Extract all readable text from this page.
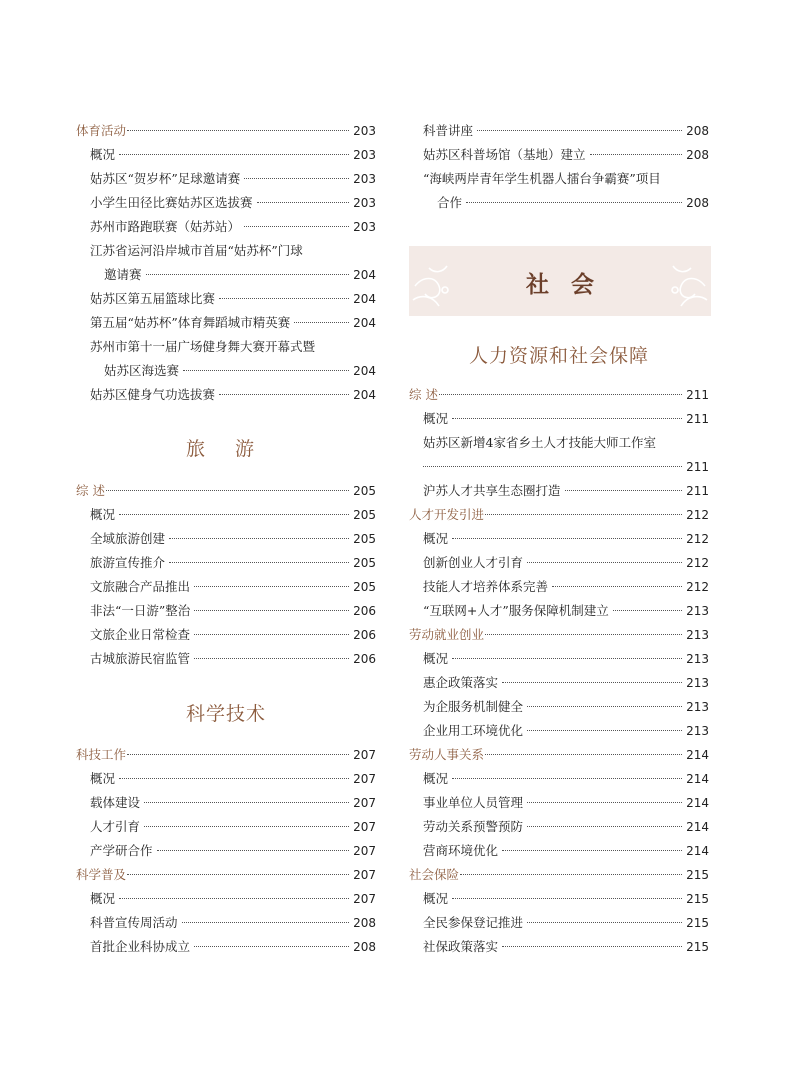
体育活动	203
概况	203
姑苏区“贺岁杯”足球邀请赛	203
小学生田径比赛姑苏区选拔赛	203
苏州市路跑联赛（姑苏站）	203
江苏省运河沿岸城市首届“姑苏杯”门球
邀请赛	204
姑苏区第五届篮球比赛	204
第五届“姑苏杯”体育舞蹈城市精英赛	204
苏州市第十一届广场健身舞大赛开幕式暨
姑苏区海选赛	204
姑苏区健身气功选拔赛	204
旅 游
综 述	205
概况	205
全域旅游创建	205
旅游宣传推介	205
文旅融合产品推出	205
非法“一日游”整治	206
文旅企业日常检查	206
古城旅游民宿监管	206
科学技术
科技工作	207
概况	207
载体建设	207
人才引育	207
产学研合作	207
科学普及	207
概况	207
科普宣传周活动	208
首批企业科协成立	208
科普讲座	208
姑苏区科普场馆（基地）建立	208
“海峡两岸青年学生机器人擂台争霸赛”项目
合作	208
社会
人力资源和社会保障
综 述	211
概况	211
姑苏区新增4家省乡土人才技能大师工作室
211
沪苏人才共享生态圈打造	211
人才开发引进	212
概况	212
创新创业人才引育	212
技能人才培养体系完善	212
“互联网+人才”服务保障机制建立	213
劳动就业创业	213
概况	213
惠企政策落实	213
为企服务机制健全	213
企业用工环境优化	213
劳动人事关系	214
概况	214
事业单位人员管理	214
劳动关系预警预防	214
营商环境优化	214
社会保险	215
概况	215
全民参保登记推进	215
社保政策落实	215
